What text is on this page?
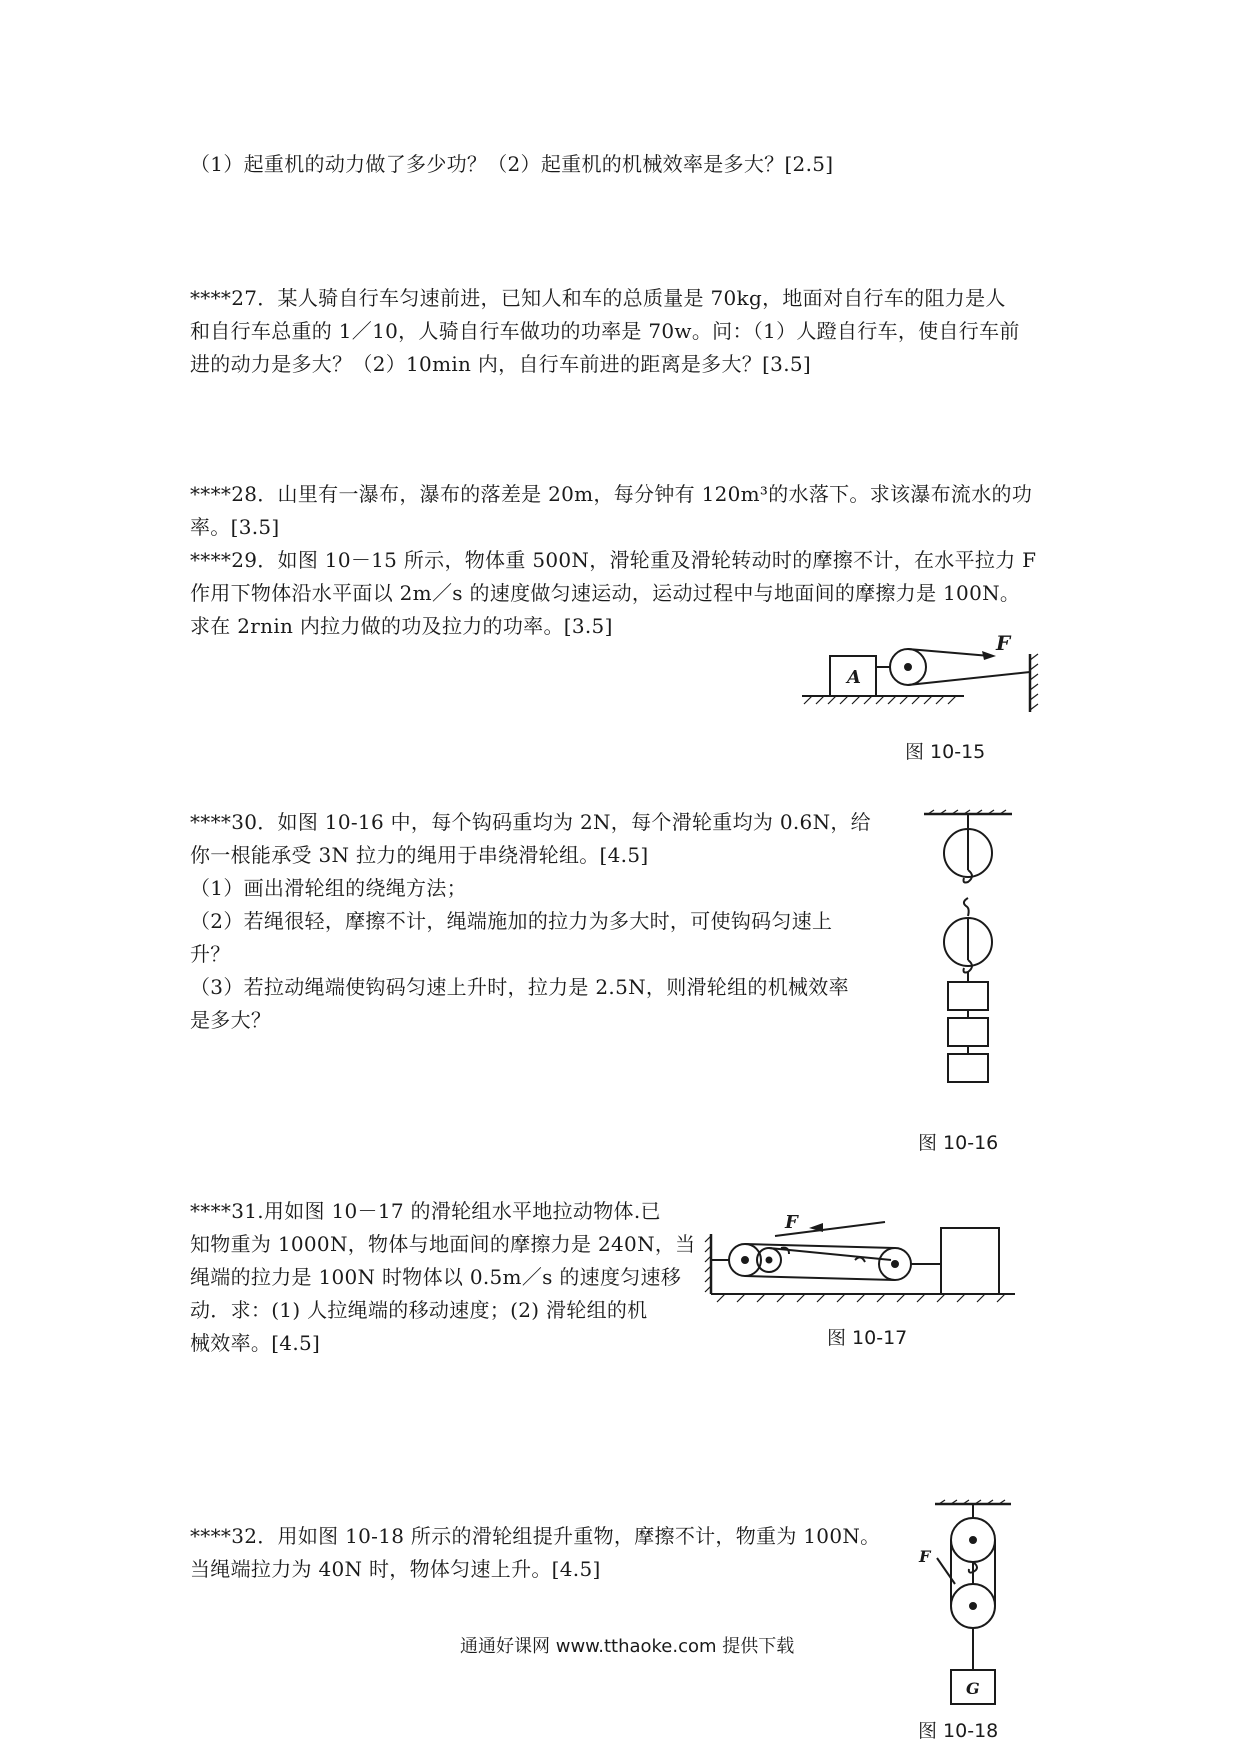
（1）起重机的动力做了多少功？（2）起重机的机械效率是多大？[2.5]
****27．某人骑自行车匀速前进，已知人和车的总质量是 70kg，地面对自行车的阻力是人
和自行车总重的 1／10，人骑自行车做功的功率是 70w。问：（1）人蹬自行车，使自行车前
进的动力是多大？（2）10min 内，自行车前进的距离是多大？[3.5]
****28．山里有一瀑布，瀑布的落差是 20m，每分钟有 120m³的水落下。求该瀑布流水的功
率。[3.5]
****29．如图 10－15 所示，物体重 500N，滑轮重及滑轮转动时的摩擦不计，在水平拉力 F
作用下物体沿水平面以 2m／s 的速度做匀速运动，运动过程中与地面间的摩擦力是 100N。
求在 2rnin 内拉力做的功及拉力的功率。[3.5]
A
F
图 10-15
****30．如图 10-16 中，每个钩码重均为 2N，每个滑轮重均为 0.6N，给
你一根能承受 3N 拉力的绳用于串绕滑轮组。[4.5]
（1）画出滑轮组的绕绳方法；
（2）若绳很轻，摩擦不计，绳端施加的拉力为多大时，可使钩码匀速上
升？
（3）若拉动绳端使钩码匀速上升时，拉力是 2.5N，则滑轮组的机械效率
是多大？
图 10-16
****31.用如图 10－17 的滑轮组水平地拉动物体.已
知物重为 1000N，物体与地面间的摩擦力是 240N，当
绳端的拉力是 100N 时物体以 0.5m／s 的速度匀速移
动．求：(1) 人拉绳端的移动速度；(2) 滑轮组的机
械效率。[4.5]
F
图 10-17
****32．用如图 10-18 所示的滑轮组提升重物，摩擦不计，物重为 100N。
当绳端拉力为 40N 时，物体匀速上升。[4.5]
F
G
图 10-18
通通好课网 www.tthaoke.com 提供下载
